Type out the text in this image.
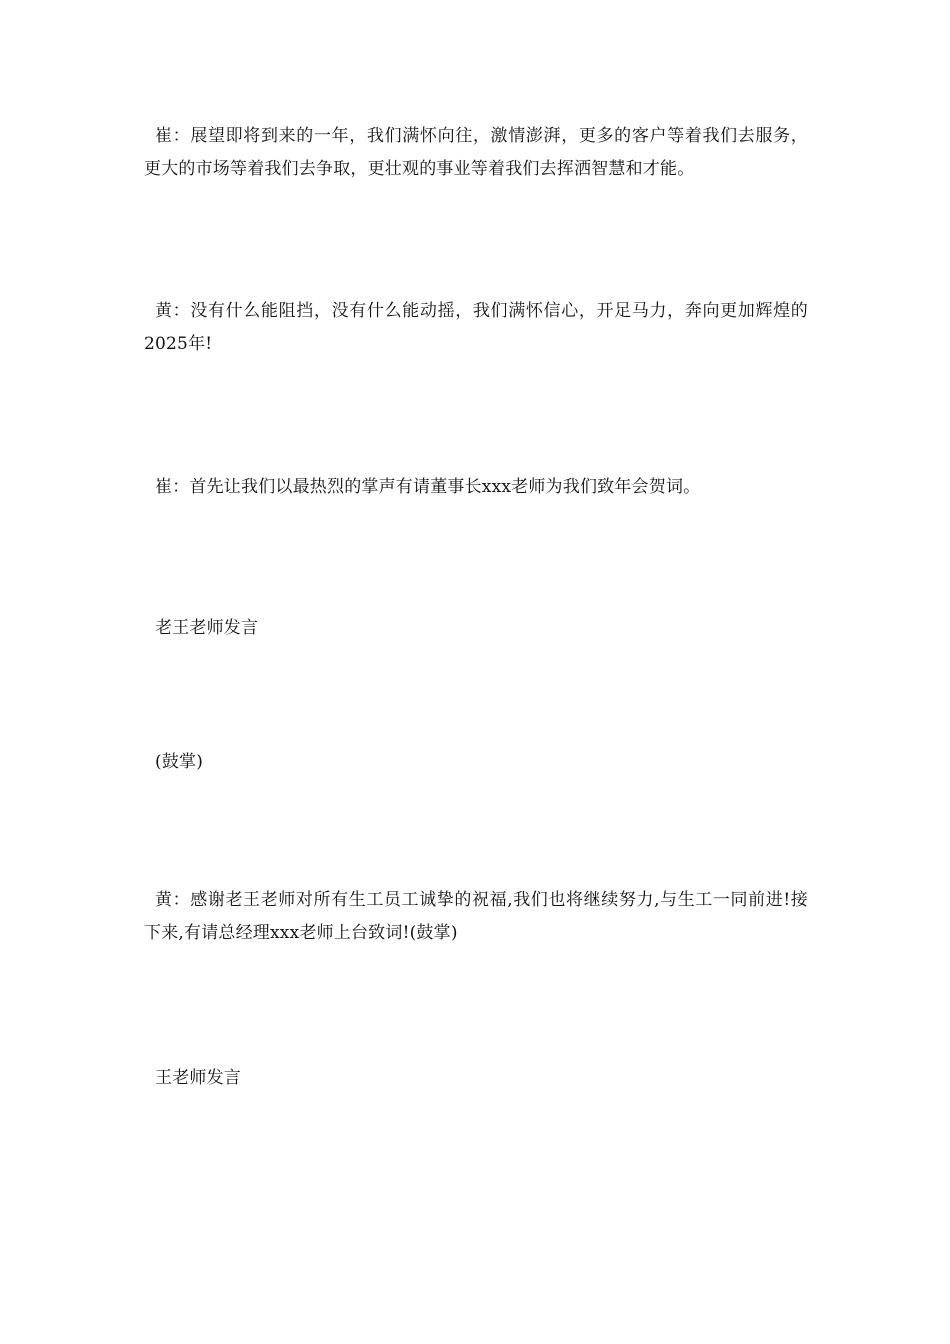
崔：展望即将到来的一年，我们满怀向往，激情澎湃，更多的客户等着我们去服务，更大的市场等着我们去争取，更壮观的事业等着我们去挥洒智慧和才能。

黄：没有什么能阻挡，没有什么能动摇，我们满怀信心，开足马力，奔向更加辉煌的2025年!

崔：首先让我们以最热烈的掌声有请董事长xxx老师为我们致年会贺词。

老王老师发言

(鼓掌)

黄：感谢老王老师对所有生工员工诚挚的祝福,我们也将继续努力,与生工一同前进!接下来,有请总经理xxx老师上台致词!(鼓掌)

王老师发言
